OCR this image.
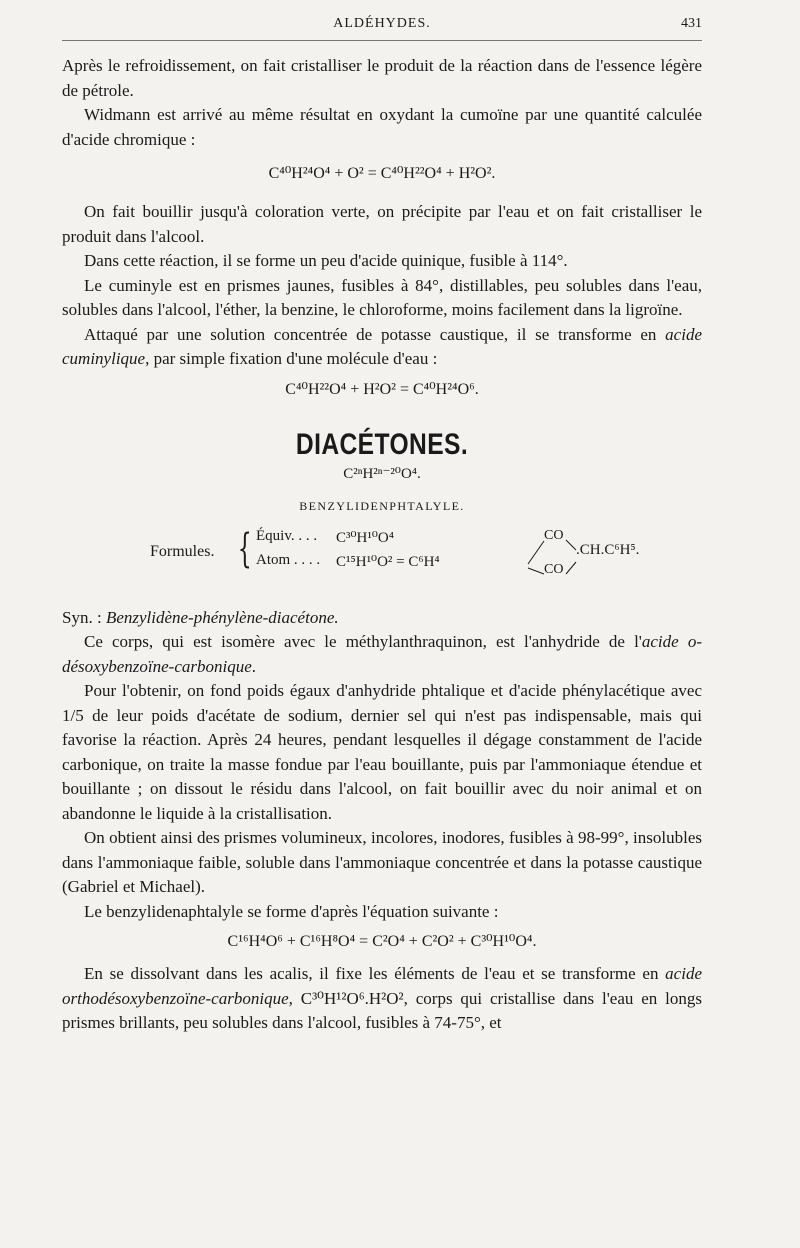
ALDÉHYDES.	431

Après le refroidissement, on fait cristalliser le produit de la réaction dans de l'essence légère de pétrole.

Widmann est arrivé au même résultat en oxydant la cumoïne par une quantité calculée d'acide chromique :

C⁴⁰H²⁴O⁴ + O² = C⁴⁰H²²O⁴ + H²O².

On fait bouillir jusqu'à coloration verte, on précipite par l'eau et on fait cristalliser le produit dans l'alcool.

Dans cette réaction, il se forme un peu d'acide quinique, fusible à 114°.

Le cuminyle est en prismes jaunes, fusibles à 84°, distillables, peu solubles dans l'eau, solubles dans l'alcool, l'éther, la benzine, le chloroforme, moins facilement dans la ligroïne.

Attaqué par une solution concentrée de potasse caustique, il se transforme en acide cuminylique, par simple fixation d'une molécule d'eau :

C⁴⁰H²²O⁴ + H²O² = C⁴⁰H²⁴O⁶.
DIACÉTONES.
C²ⁿH²ⁿ⁻²⁰O⁴.
BENZYLIDENPHTALYLE.
Formules. { Équiv. . . . C³⁰H¹⁰O⁴
Atom . . . . C¹⁵H¹⁰O² = C⁶H⁴
CO
CO
.CH.C⁶H⁵.

Syn. : Benzylidène-phénylène-diacétone.

Ce corps, qui est isomère avec le méthylanthraquinon, est l'anhydride de l'acide o-désoxybenzoïne-carbonique.

Pour l'obtenir, on fond poids égaux d'anhydride phtalique et d'acide phénylacétique avec 1/5 de leur poids d'acétate de sodium, dernier sel qui n'est pas indispensable, mais qui favorise la réaction. Après 24 heures, pendant lesquelles il dégage constamment de l'acide carbonique, on traite la masse fondue par l'eau bouillante, puis par l'ammoniaque étendue et bouillante ; on dissout le résidu dans l'alcool, on fait bouillir avec du noir animal et on abandonne le liquide à la cristallisation.

On obtient ainsi des prismes volumineux, incolores, inodores, fusibles à 98-99°, insolubles dans l'ammoniaque faible, soluble dans l'ammoniaque concentrée et dans la potasse caustique (Gabriel et Michael).

Le benzylidenaphtalyle se forme d'après l'équation suivante :

C¹⁶H⁴O⁶ + C¹⁶H⁸O⁴ = C²O⁴ + C²O² + C³⁰H¹⁰O⁴.

En se dissolvant dans les acalis, il fixe les éléments de l'eau et se transforme en acide orthodésoxybenzoïne-carbonique, C³⁰H¹²O⁶.H²O², corps qui cristallise dans l'eau en longs prismes brillants, peu solubles dans l'alcool, fusibles à 74-75°, et
